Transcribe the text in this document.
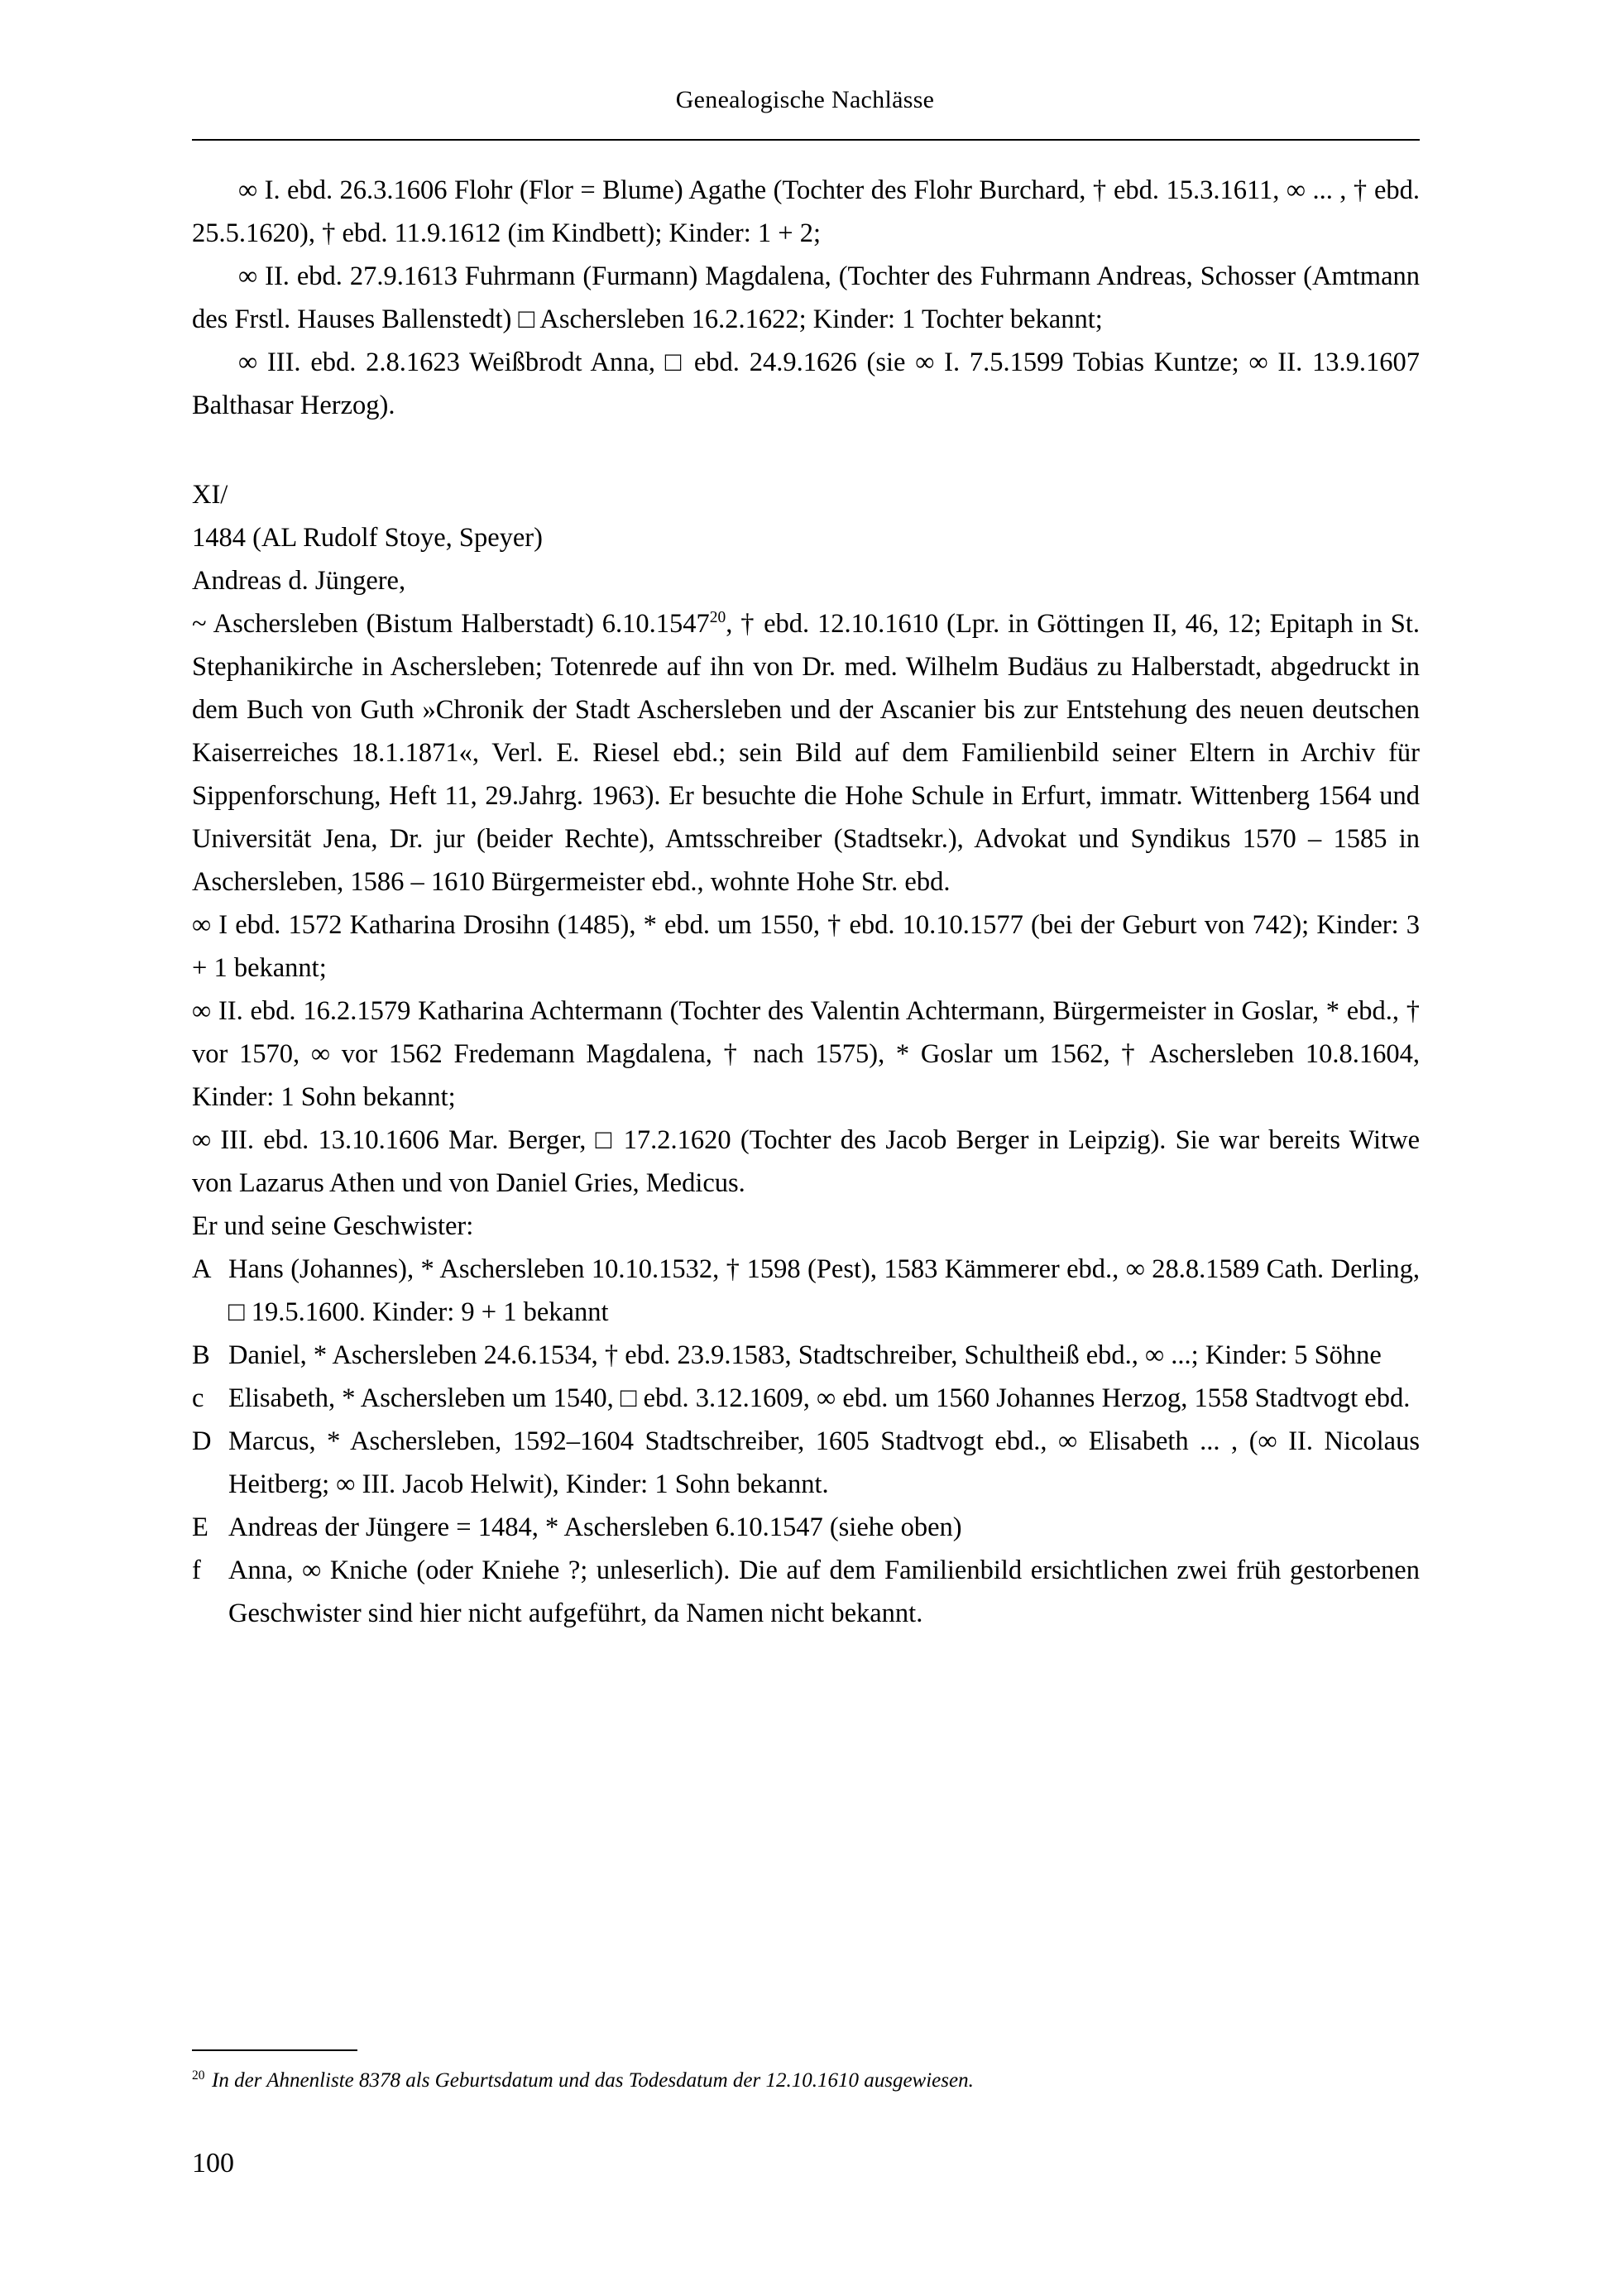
Genealogische Nachlässe

∞ I. ebd. 26.3.1606 Flohr (Flor = Blume) Agathe (Tochter des Flohr Burchard, † ebd. 15.3.1611, ∞ ... , † ebd. 25.5.1620), † ebd. 11.9.1612 (im Kindbett); Kinder: 1 + 2;

∞ II. ebd. 27.9.1613 Fuhrmann (Furmann) Magdalena, (Tochter des Fuhrmann Andreas, Schosser (Amtmann des Frstl. Hauses Ballenstedt) □ Aschersleben 16.2.1622; Kinder: 1 Tochter bekannt;

∞ III. ebd. 2.8.1623 Weißbrodt Anna, □ ebd. 24.9.1626 (sie ∞ I. 7.5.1599 Tobias Kuntze; ∞ II. 13.9.1607 Balthasar Herzog).

XI/

1484 (AL Rudolf Stoye, Speyer)

Andreas d. Jüngere,

~ Aschersleben (Bistum Halberstadt) 6.10.1547$^{20}$, † ebd. 12.10.1610 (Lpr. in Göttingen II, 46, 12; Epitaph in St. Stephanikirche in Aschersleben; Totenrede auf ihn von Dr. med. Wilhelm Budäus zu Halberstadt, abgedruckt in dem Buch von Guth »Chronik der Stadt Aschersleben und der Ascanier bis zur Entstehung des neuen deutschen Kaiserreiches 18.1.1871«, Verl. E. Riesel ebd.; sein Bild auf dem Familienbild seiner Eltern in Archiv für Sippenforschung, Heft 11, 29.Jahrg. 1963). Er besuchte die Hohe Schule in Erfurt, immatr. Wittenberg 1564 und Universität Jena, Dr. jur (beider Rechte), Amtsschreiber (Stadtsekr.), Advokat und Syndikus 1570 – 1585 in Aschersleben, 1586 – 1610 Bürgermeister ebd., wohnte Hohe Str. ebd.

∞ I ebd. 1572 Katharina Drosihn (1485), * ebd. um 1550, † ebd. 10.10.1577 (bei der Geburt von 742); Kinder: 3 + 1 bekannt;

∞ II. ebd. 16.2.1579 Katharina Achtermann (Tochter des Valentin Achtermann, Bürgermeister in Goslar, * ebd., † vor 1570, ∞ vor 1562 Fredemann Magdalena, † nach 1575), * Goslar um 1562, † Aschersleben 10.8.1604, Kinder: 1 Sohn bekannt;

∞ III. ebd. 13.10.1606 Mar. Berger, □ 17.2.1620 (Tochter des Jacob Berger in Leipzig). Sie war bereits Witwe von Lazarus Athen und von Daniel Gries, Medicus.

Er und seine Geschwister:

A Hans (Johannes), * Aschersleben 10.10.1532, † 1598 (Pest), 1583 Kämmerer ebd., ∞ 28.8.1589 Cath. Derling, □ 19.5.1600. Kinder: 9 + 1 bekannt
B Daniel, * Aschersleben 24.6.1534, † ebd. 23.9.1583, Stadtschreiber, Schultheiß ebd., ∞ ...; Kinder: 5 Söhne
c Elisabeth, * Aschersleben um 1540, □ ebd. 3.12.1609, ∞ ebd. um 1560 Johannes Herzog, 1558 Stadtvogt ebd.
D Marcus, * Aschersleben, 1592–1604 Stadtschreiber, 1605 Stadtvogt ebd., ∞ Elisabeth ... , (∞ II. Nicolaus Heitberg; ∞ III. Jacob Helwit), Kinder: 1 Sohn bekannt.
E Andreas der Jüngere = 1484, * Aschersleben 6.10.1547 (siehe oben)
f	Anna, ∞ Kniche (oder Kniehe ?; unleserlich). Die auf dem Familienbild ersichtlichen zwei früh gestorbenen Geschwister sind hier nicht aufgeführt, da Namen nicht bekannt.
$^{20}$ In der Ahnenliste 8378 als Geburtsdatum und das Todesdatum der 12.10.1610 ausgewiesen.
100
